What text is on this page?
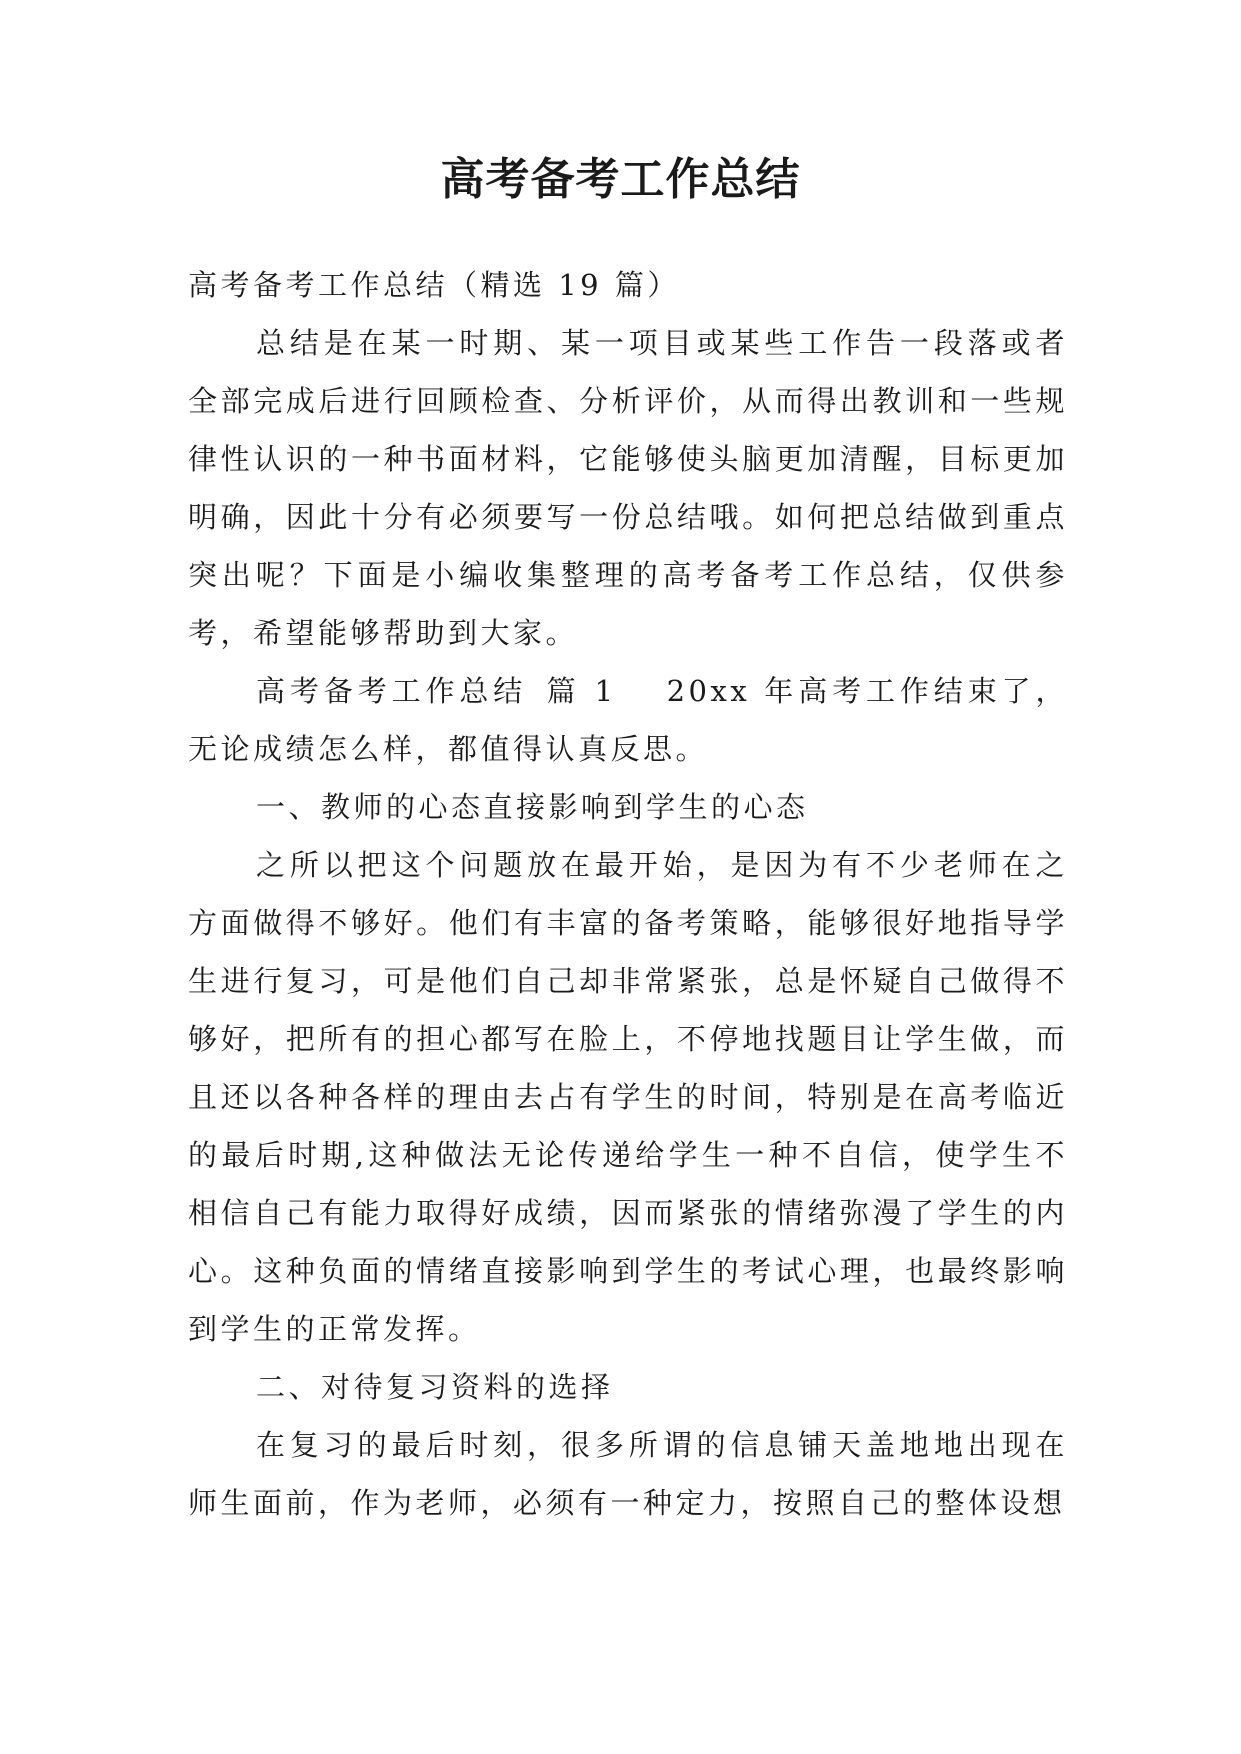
高考备考工作总结

高考备考工作总结（精选 19 篇）

总结是在某一时期、某一项目或某些工作告一段落或者全部完成后进行回顾检查、分析评价，从而得出教训和一些规律性认识的一种书面材料，它能够使头脑更加清醒，目标更加明确，因此十分有必须要写一份总结哦。如何把总结做到重点突出呢？下面是小编收集整理的高考备考工作总结，仅供参考，希望能够帮助到大家。

高考备考工作总结 篇 1 20xx 年高考工作结束了，无论成绩怎么样，都值得认真反思。

一、教师的心态直接影响到学生的心态

之所以把这个问题放在最开始，是因为有不少老师在之方面做得不够好。他们有丰富的备考策略，能够很好地指导学生进行复习，可是他们自己却非常紧张，总是怀疑自己做得不够好，把所有的担心都写在脸上，不停地找题目让学生做，而且还以各种各样的理由去占有学生的时间，特别是在高考临近的最后时期,这种做法无论传递给学生一种不自信，使学生不相信自己有能力取得好成绩，因而紧张的情绪弥漫了学生的内心。这种负面的情绪直接影响到学生的考试心理，也最终影响到学生的正常发挥。

二、对待复习资料的选择

在复习的最后时刻，很多所谓的信息铺天盖地地出现在师生面前，作为老师，必须有一种定力，按照自己的整体设想
